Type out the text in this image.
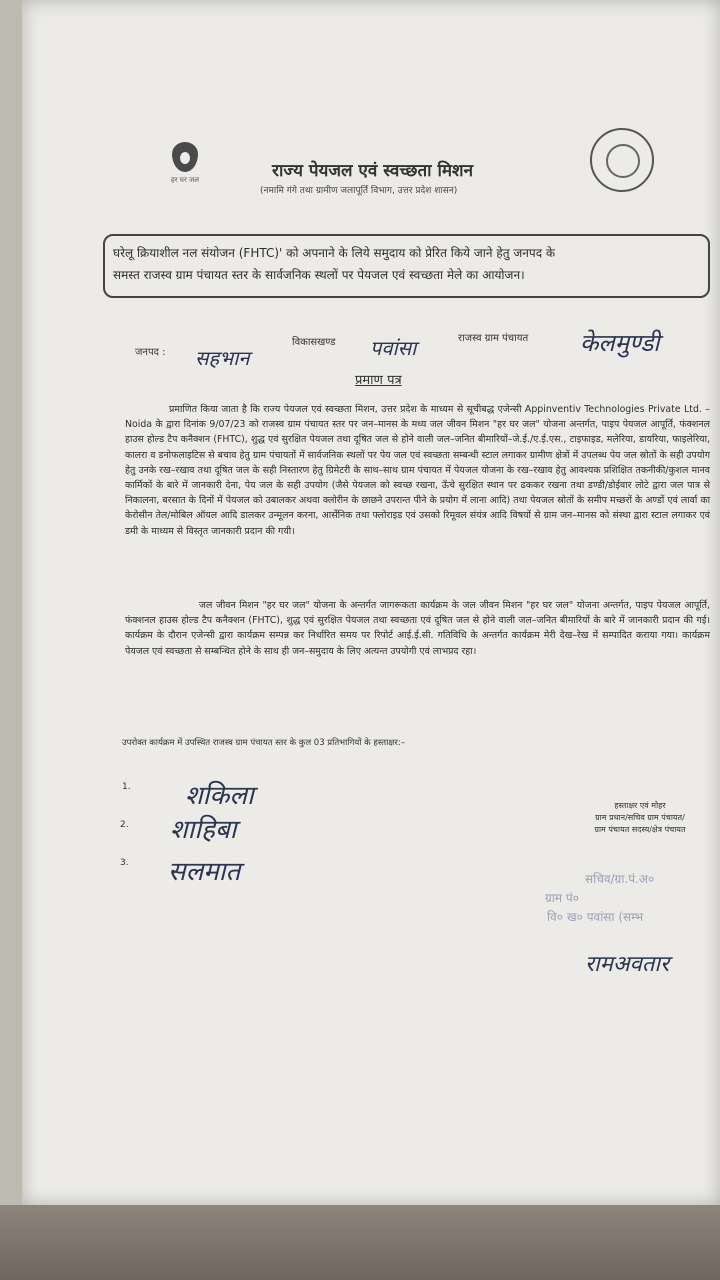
हर घर जल	राज्य पेयजल एवं स्वच्छता मिशन
(नमामि गंगे तथा ग्रामीण जलापूर्ति विभाग, उत्तर प्रदेश शासन)
घरेलू क्रियाशील नल संयोजन (FHTC)' को अपनाने के लिये समुदाय को प्रेरित किये जाने हेतु जनपद के
समस्त राजस्व ग्राम पंचायत स्तर के सार्वजनिक स्थलों पर पेयजल एवं स्वच्छता मेले का आयोजन।
जनपद : सहभान
विकासखण्ड पवांसा	राजस्व ग्राम पंचायत केलमुण्डी
प्रमाण पत्र
प्रमाणित किया जाता है कि राज्य पेयजल एवं स्वच्छता मिशन, उत्तर प्रदेश के माध्यम से सूचीबद्ध एजेन्सी Appinventiv Technologies Private Ltd. – Noida के द्वारा दिनांक 9/07/23 को राजस्व ग्राम पंचायत स्तर पर जन–मानस के मध्य जल जीवन मिशन "हर घर जल" योजना अन्तर्गत, पाइप पेयजल आपूर्ति, फंक्शनल हाउस होल्ड टैप कनैक्शन (FHTC), शुद्ध एवं सुरक्षित पेयजल तथा दूषित जल से होने वाली जल–जनित बीमारियों–जे.ई./ए.ई.एस., टाइफाइड, मलेरिया, डायरिया, फाइलेरिया, कालरा व डनोफलाइटिस से बचाव हेतु ग्राम पंचायतों में सार्वजनिक स्थलों पर पेय जल एवं स्वच्छता सम्बन्धी स्टाल लगाकर ग्रामीण क्षेत्रों में उपलब्ध पेय जल स्रोतों के सही उपयोग हेतु उनके रख–रखाव तथा दूषित जल के सही निस्तारण हेतु ग्रिमेटरी के साथ–साथ ग्राम पंचायत में पेयजल योजना के रख–रखाव हेतु आवश्यक प्रशिक्षित तकनीकी/कुशल मानव कार्मिकों के बारे में जानकारी देना, पेय जल के सही उपयोग (जैसे पेयजल को स्वच्छ रखना, ऊँचे सुरक्षित स्थान पर ढककर रखना तथा डण्डी/डोईवार लोटे द्वारा जल पात्र से निकालना, बरसात के दिनों में पेयजल को उबालकर अथवा क्लोरीन के छाछने उपरान्त पीने के प्रयोग में लाना आदि) तथा पेयजल स्रोतों के समीप मच्छरों के अण्डों एवं लार्वा का केरोसीन तेल/मोबिल ऑयल आदि डालकर उन्मूलन करना, आर्सेनिक तथा फ्लोराइड एवं उसको रिमूवल संयंत्र आदि विषयों से ग्राम जन–मानस को संस्था द्वारा स्टाल लगाकर एवं डमी के माध्यम से विस्तृत जानकारी प्रदान की गयी।
जल जीवन मिशन "हर घर जल" योजना के अन्तर्गत जागरूकता कार्यक्रम के जल जीवन मिशन "हर घर जल" योजना अन्तर्गत, पाइप पेयजल आपूर्ति, फंक्शनल हाउस होल्ड टैप कनैक्शन (FHTC), शुद्ध एवं सुरक्षित पेयजल तथा स्वच्छता एवं दूषित जल से होने वाली जल–जनित बीमारियों के बारे में जानकारी प्रदान की गई। कार्यक्रम के दौरान एजेन्सी द्वारा कार्यक्रम सम्पन्न कर निर्धारित समय पर रिपोर्ट आई.ई.सी. गतिविधि के अन्तर्गत कार्यक्रम मेरी देख–रेख में सम्पादित कराया गया। कार्यक्रम पेयजल एवं स्वच्छता से सम्बन्धित होने के साथ ही जन–समुदाय के लिए अत्यन्त उपयोगी एवं लाभप्रद रहा।
उपरोक्त कार्यक्रम में उपस्थित राजस्व ग्राम पंचायत स्तर के कुल 03 प्रतिभागियों के हस्ताक्षर:–
1. शकिला
2. शाहिबा
3. सलमात
हस्ताक्षर एवं मोहर
ग्राम प्रधान/सचिव ग्राम पंचायत/
ग्राम पंचायत सदस्य/क्षेत्र पंचायत
सचिव/ग्रा.पं.अ०
ग्राम पं०
वि० ख० पवांसा (सम्भ
रामअवतार
